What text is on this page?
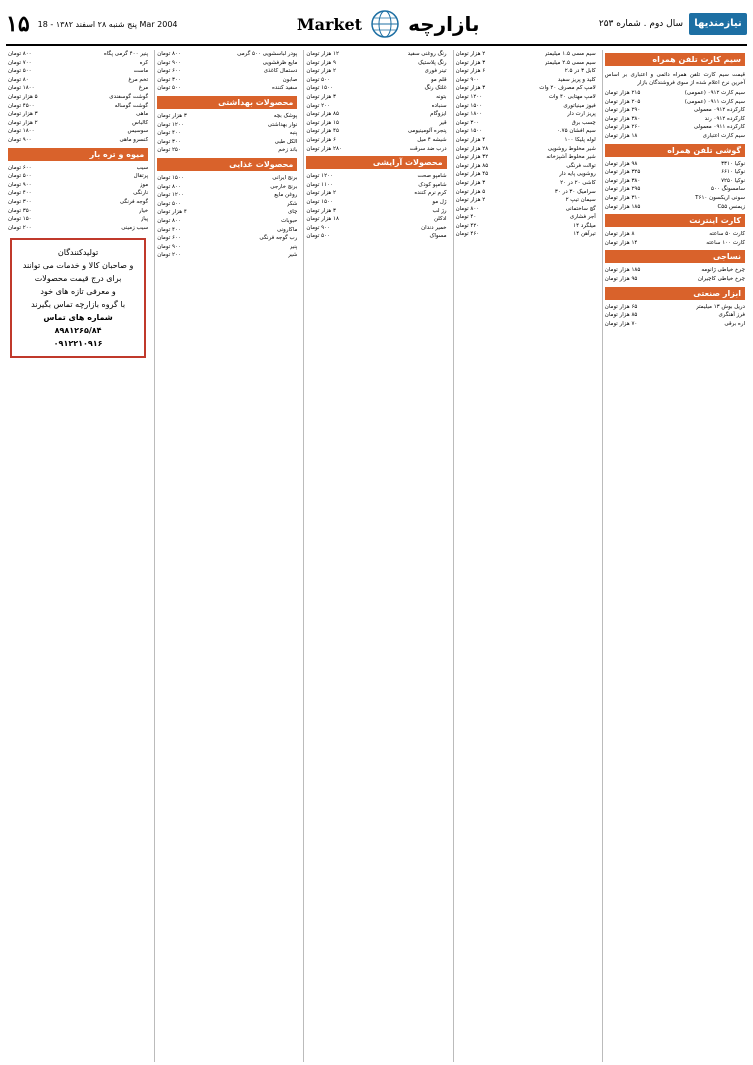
نیازمندیها
سال دوم . شماره ۲۵۳
بازارچه
Market
۱۵ پنج شنبه ۲۸ اسفند ۱۳۸۲ - 18 Mar 2004
سیم کارت تلفن همراه
قیمت سیم کارت تلفن همراه دائمی و اعتباری بر اساس آخرین نرخ اعلام شده از سوی فروشندگان بازار
سیم کارت ۰۹۱۲ (عمومی)
۲۱۵ هزار تومان
سیم کارت ۰۹۱۱ (عمومی)
۲۰۵ هزار تومان
کارکرده ۰۹۱۲ معمولی
۲۹۰ هزار تومان
کارکرده ۰۹۱۲ رند
۳۸۰ هزار تومان
کارکرده ۰۹۱۱ معمولی
۲۶۰ هزار تومان
سیم کارت اعتباری
۱۸ هزار تومان
گوشی تلفن همراه
نوکیا ۳۳۱۰
۹۸ هزار تومان
نوکیا ۶۶۱۰
۳۲۵ هزار تومان
نوکیا ۷۲۵۰
۳۸۰ هزار تومان
سامسونگ ۵۰۰
۲۹۵ هزار تومان
سونی اریکسون T۶۱۰
۳۱۰ هزار تومان
زیمنس C۵۵
۱۸۵ هزار تومان
کارت اینترنت
کارت ۵۰ ساعته
۸ هزار تومان
کارت ۱۰۰ ساعته
۱۴ هزار تومان
نساجی
چرخ خیاطی ژانومه
۱۸۵ هزار تومان
چرخ خیاطی کاچیران
۹۵ هزار تومان
ابزار صنعتی
دریل بوش ۱۳ میلیمتر
۶۵ هزار تومان
فرز آهنگری
۸۵ هزار تومان
اره برقی
۷۰ هزار تومان
سیم مسی ۱.۵ میلیمتر
۲ هزار تومان
سیم مسی ۲.۵ میلیمتر
۳ هزار تومان
کابل ۳ در ۲.۵
۶ هزار تومان
کلید و پریز سفید
۹۰۰ تومان
لامپ کم مصرف ۲۰ وات
۳ هزار تومان
لامپ مهتابی ۴۰ وات
۱۲۰۰ تومان
فیوز مینیاتوری
۱۵۰۰ تومان
پریز ارت دار
۱۸۰۰ تومان
چسب برق
۳۰۰ تومان
سیم افشان ۰.۷۵
۱۵۰۰ تومان
لوله پلیکا ۱۰۰
۴ هزار تومان
شیر مخلوط روشویی
۲۸ هزار تومان
شیر مخلوط آشپزخانه
۳۲ هزار تومان
توالت فرنگی
۸۵ هزار تومان
روشویی پایه دار
۴۵ هزار تومان
کاشی ۲۰ در ۲۰
۳ هزار تومان
سرامیک ۳۰ در ۳۰
۵ هزار تومان
سیمان تیپ ۲
۲ هزار تومان
گچ ساختمانی
۸۰۰ تومان
آجر فشاری
۴۰ تومان
میلگرد ۱۴
۴۲۰ تومان
تیرآهن ۱۴
۴۶۰ تومان
رنگ روغنی سفید
۱۲ هزار تومان
رنگ پلاستیک
۹ هزار تومان
تینر فوری
۲ هزار تومان
قلم مو
۵۰۰ تومان
غلتک رنگ
۱۵۰۰ تومان
بتونه
۳ هزار تومان
سنباده
۲۰۰ تومان
ایزوگام
۸۵ هزار تومان
قیر
۱۵ هزار تومان
پنجره آلومینیومی
۴۵ هزار تومان
شیشه ۴ میل
۶ هزار تومان
درب ضد سرقت
۲۸۰ هزار تومان
محصولات آرایشی
شامپو صحت
۱۲۰۰ تومان
شامپو کودک
۱۱۰۰ تومان
کرم نرم کننده
۲ هزار تومان
ژل مو
۱۵۰۰ تومان
رژ لب
۳ هزار تومان
ادکلن
۱۸ هزار تومان
خمیر دندان
۹۰۰ تومان
مسواک
۵۰۰ تومان
پودر لباسشویی ۵۰۰ گرمی
۸۰۰ تومان
مایع ظرفشویی
۹۰۰ تومان
دستمال کاغذی
۶۰۰ تومان
صابون
۳۰۰ تومان
سفید کننده
۵۰۰ تومان
محصولات بهداشتی
پوشک بچه
۳ هزار تومان
نوار بهداشتی
۱۲۰۰ تومان
پنبه
۴۰۰ تومان
الکل طبی
۳۰۰ تومان
باند زخم
۲۵۰ تومان
محصولات غذایی
برنج ایرانی
۱۵۰۰ تومان
برنج خارجی
۸۰۰ تومان
روغن مایع
۱۲۰۰ تومان
شکر
۵۰۰ تومان
چای
۴ هزار تومان
حبوبات
۸۰۰ تومان
ماکارونی
۴۰۰ تومان
رب گوجه فرنگی
۶۰۰ تومان
پنیر
۹۰۰ تومان
شیر
۲۰۰ تومان
پنیر ۴۰۰ گرمی پگاه
۸۰۰ تومان
کره
۷۰۰ تومان
ماست
۵۰۰ تومان
تخم مرغ
۸۰ تومان
مرغ
۱۸۰۰ تومان
گوشت گوسفندی
۵ هزار تومان
گوشت گوساله
۴۵۰۰ تومان
ماهی
۳ هزار تومان
کالباس
۲ هزار تومان
سوسیس
۱۸۰۰ تومان
کنسرو ماهی
۹۰۰ تومان
میوه و تره بار
سیب
۶۰۰ تومان
پرتقال
۵۰۰ تومان
موز
۹۰۰ تومان
نارنگی
۴۰۰ تومان
گوجه فرنگی
۳۰۰ تومان
خیار
۳۵۰ تومان
پیاز
۱۵۰ تومان
سیب زمینی
۲۰۰ تومان
تولیدکنندگان
و صاحبان کالا و خدمات می توانند
برای درج قیمت محصولات
و معرفی تازه های خود
با گروه بازارچه تماس بگیرند
شماره های تماس
۸۹۸۱۲۶۵/۸۴
۰۹۱۲۲۱۰۹۱۶
